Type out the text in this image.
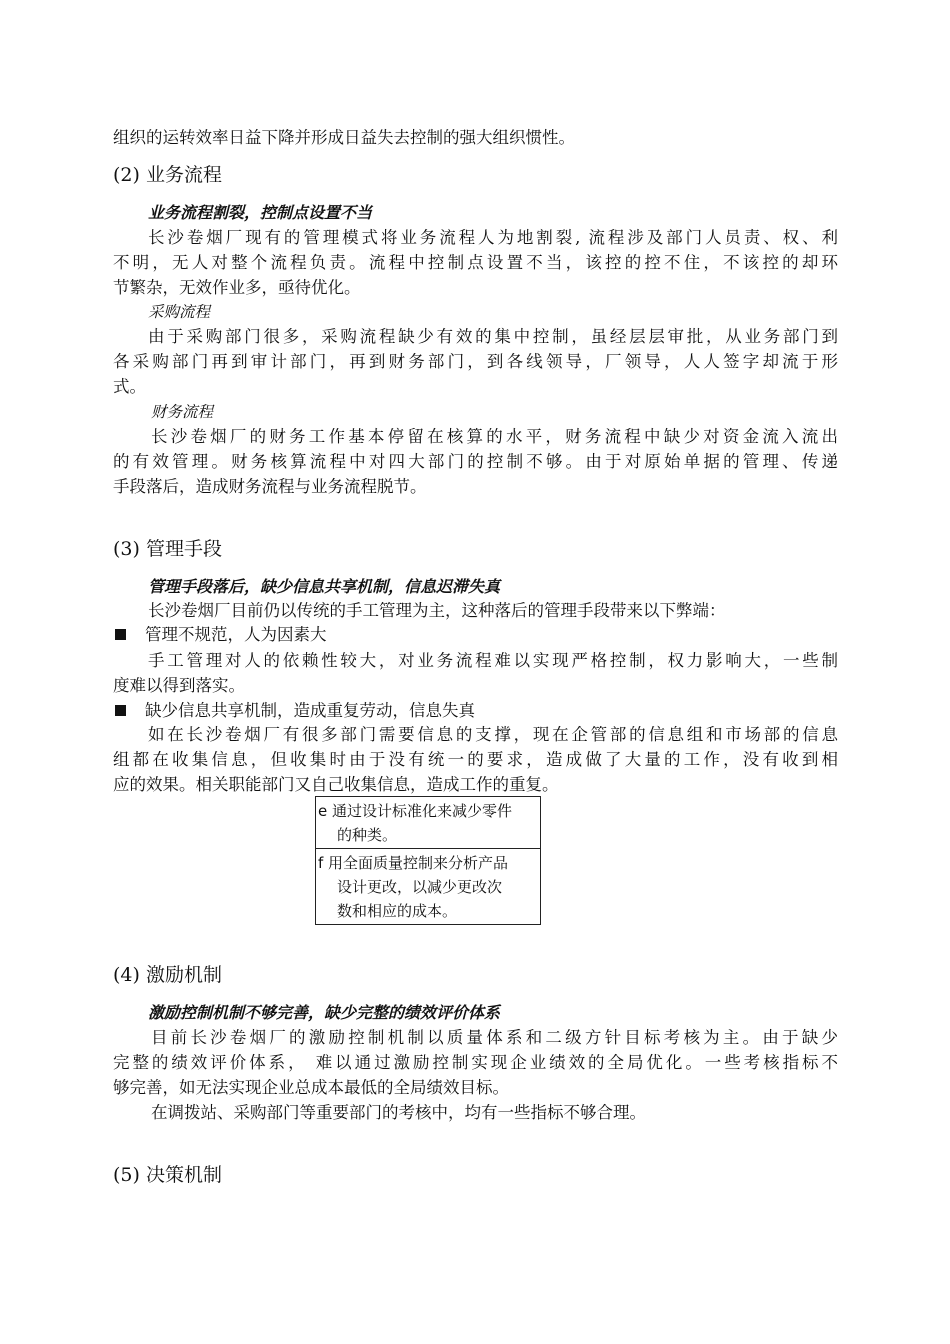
组织的运转效率日益下降并形成日益失去控制的强大组织惯性。
(2) 业务流程
业务流程割裂，控制点设置不当
长沙卷烟厂现有的管理模式将业务流程人为地割裂, 流程涉及部门人员责、权、利
不明，无人对整个流程负责。流程中控制点设置不当，该控的控不住，不该控的却环
节繁杂，无效作业多，亟待优化。
采购流程
由于采购部门很多，采购流程缺少有效的集中控制，虽经层层审批，从业务部门到
各采购部门再到审计部门，再到财务部门，到各线领导，厂领导，人人签字却流于形
式。
财务流程
长沙卷烟厂的财务工作基本停留在核算的水平，财务流程中缺少对资金流入流出
的有效管理。财务核算流程中对四大部门的控制不够。由于对原始单据的管理、传递
手段落后，造成财务流程与业务流程脱节。
(3) 管理手段
管理手段落后，缺少信息共享机制，信息迟滞失真
长沙卷烟厂目前仍以传统的手工管理为主，这种落后的管理手段带来以下弊端：
管理不规范，人为因素大
手工管理对人的依赖性较大，对业务流程难以实现严格控制，权力影响大，一些制
度难以得到落实。
缺少信息共享机制，造成重复劳动，信息失真
如在长沙卷烟厂有很多部门需要信息的支撑，现在企管部的信息组和市场部的信息
组都在收集信息，但收集时由于没有统一的要求，造成做了大量的工作，没有收到相
应的效果。相关职能部门又自己收集信息，造成工作的重复。
(4) 激励机制
激励控制机制不够完善，缺少完整的绩效评价体系
目前长沙卷烟厂的激励控制机制以质量体系和二级方针目标考核为主。由于缺少
完整的绩效评价体系， 难以通过激励控制实现企业绩效的全局优化。一些考核指标不
够完善，如无法实现企业总成本最低的全局绩效目标。
在调拨站、采购部门等重要部门的考核中，均有一些指标不够合理。
(5) 决策机制
e 通过设计标准化来减少零件
的种类。
f 用全面质量控制来分析产品
设计更改，以减少更改次
数和相应的成本。
